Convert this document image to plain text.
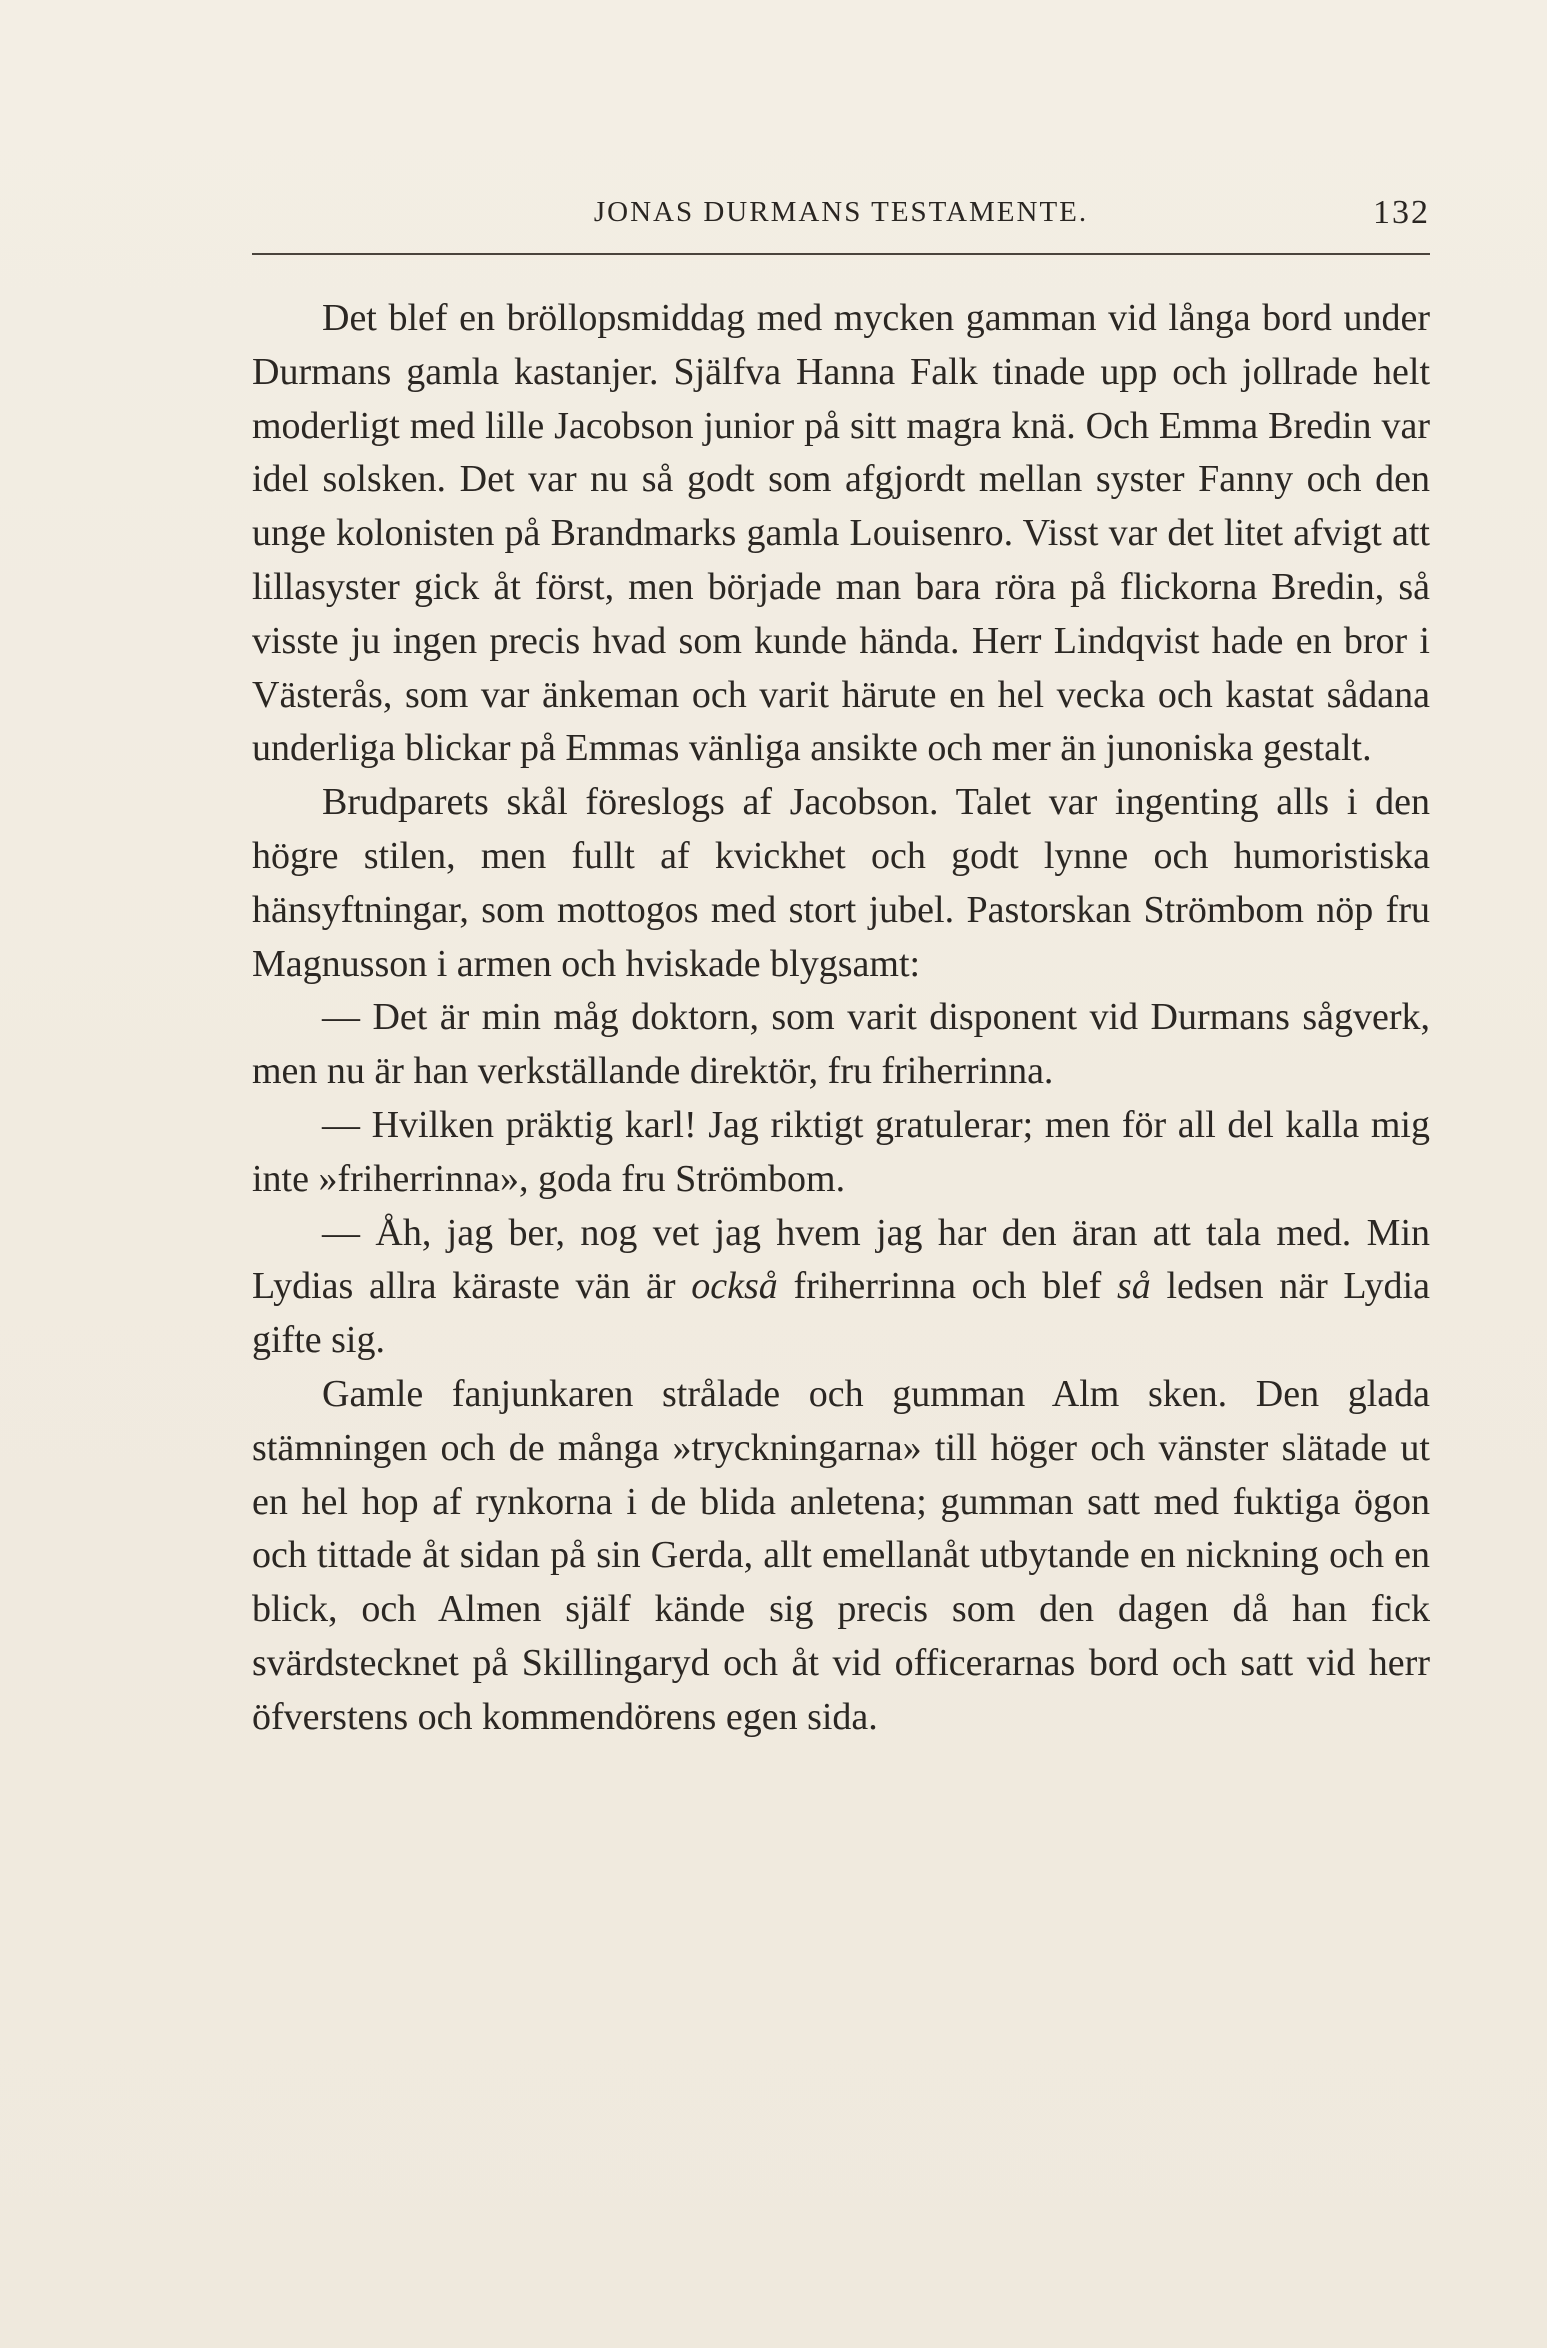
JONAS DURMANS TESTAMENTE.	132

Det blef en bröllopsmiddag med mycken gamman vid långa bord under Durmans gamla kastanjer. Själfva Hanna Falk tinade upp och jollrade helt moderligt med lille Jacobson junior på sitt magra knä. Och Emma Bredin var idel solsken. Det var nu så godt som afgjordt mellan syster Fanny och den unge kolonisten på Brandmarks gamla Louisenro. Visst var det litet afvigt att lillasyster gick åt först, men började man bara röra på flickorna Bredin, så visste ju ingen precis hvad som kunde hända. Herr Lindqvist hade en bror i Västerås, som var änkeman och varit härute en hel vecka och kastat sådana underliga blickar på Emmas vänliga ansikte och mer än junoniska gestalt.

Brudparets skål föreslogs af Jacobson. Talet var ingenting alls i den högre stilen, men fullt af kvickhet och godt lynne och humoristiska hänsyftningar, som mottogos med stort jubel. Pastorskan Strömbom nöp fru Magnusson i armen och hviskade blygsamt:

— Det är min måg doktorn, som varit disponent vid Durmans sågverk, men nu är han verkställande direktör, fru friherrinna.

— Hvilken präktig karl! Jag riktigt gratulerar; men för all del kalla mig inte »friherrinna», goda fru Strömbom.

— Åh, jag ber, nog vet jag hvem jag har den äran att tala med. Min Lydias allra käraste vän är också friherrinna och blef så ledsen när Lydia gifte sig.

Gamle fanjunkaren strålade och gumman Alm sken. Den glada stämningen och de många »tryckningarna» till höger och vänster slätade ut en hel hop af rynkorna i de blida anletena; gumman satt med fuktiga ögon och tittade åt sidan på sin Gerda, allt emellanåt utbytande en nickning och en blick, och Almen själf kände sig precis som den dagen då han fick svärdstecknet på Skillingaryd och åt vid officerarnas bord och satt vid herr öfverstens och kommendörens egen sida.
